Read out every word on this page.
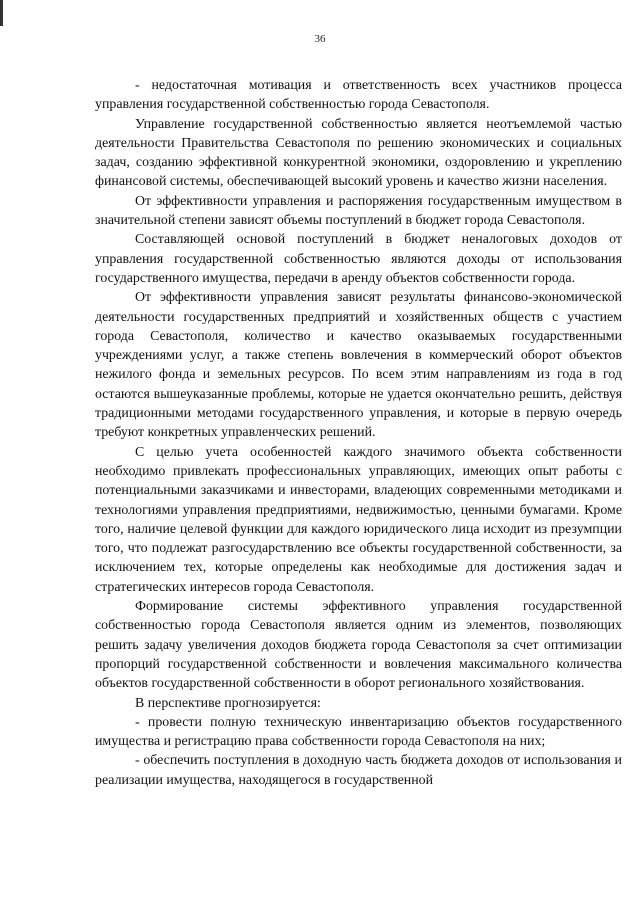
36

- недостаточная мотивация и ответственность всех участников процесса управления государственной собственностью города Севастополя.

Управление государственной собственностью является неотъемлемой частью деятельности Правительства Севастополя по решению экономических и социальных задач, созданию эффективной конкурентной экономики, оздоровлению и укреплению финансовой системы, обеспечивающей высокий уровень и качество жизни населения.

От эффективности управления и распоряжения государственным имуществом в значительной степени зависят объемы поступлений в бюджет города Севастополя.

Составляющей основой поступлений в бюджет неналоговых доходов от управления государственной собственностью являются доходы от использования государственного имущества, передачи в аренду объектов собственности города.

От эффективности управления зависят результаты финансово-экономической деятельности государственных предприятий и хозяйственных обществ с участием города Севастополя, количество и качество оказываемых государственными учреждениями услуг, а также степень вовлечения в коммерческий оборот объектов нежилого фонда и земельных ресурсов. По всем этим направлениям из года в год остаются вышеуказанные проблемы, которые не удается окончательно решить, действуя традиционными методами государственного управления, и которые в первую очередь требуют конкретных управленческих решений.

С целью учета особенностей каждого значимого объекта собственности необходимо привлекать профессиональных управляющих, имеющих опыт работы с потенциальными заказчиками и инвесторами, владеющих современными методиками и технологиями управления предприятиями, недвижимостью, ценными бумагами. Кроме того, наличие целевой функции для каждого юридического лица исходит из презумпции того, что подлежат разгосударствлению все объекты государственной собственности, за исключением тех, которые определены как необходимые для достижения задач и стратегических интересов города Севастополя.

Формирование системы эффективного управления государственной собственностью города Севастополя является одним из элементов, позволяющих решить задачу увеличения доходов бюджета города Севастополя за счет оптимизации пропорций государственной собственности и вовлечения максимального количества объектов государственной собственности в оборот регионального хозяйствования.

В перспективе прогнозируется:

- провести полную техническую инвентаризацию объектов государственного имущества и регистрацию права собственности города Севастополя на них;

- обеспечить поступления в доходную часть бюджета доходов от использования и реализации имущества, находящегося в государственной
